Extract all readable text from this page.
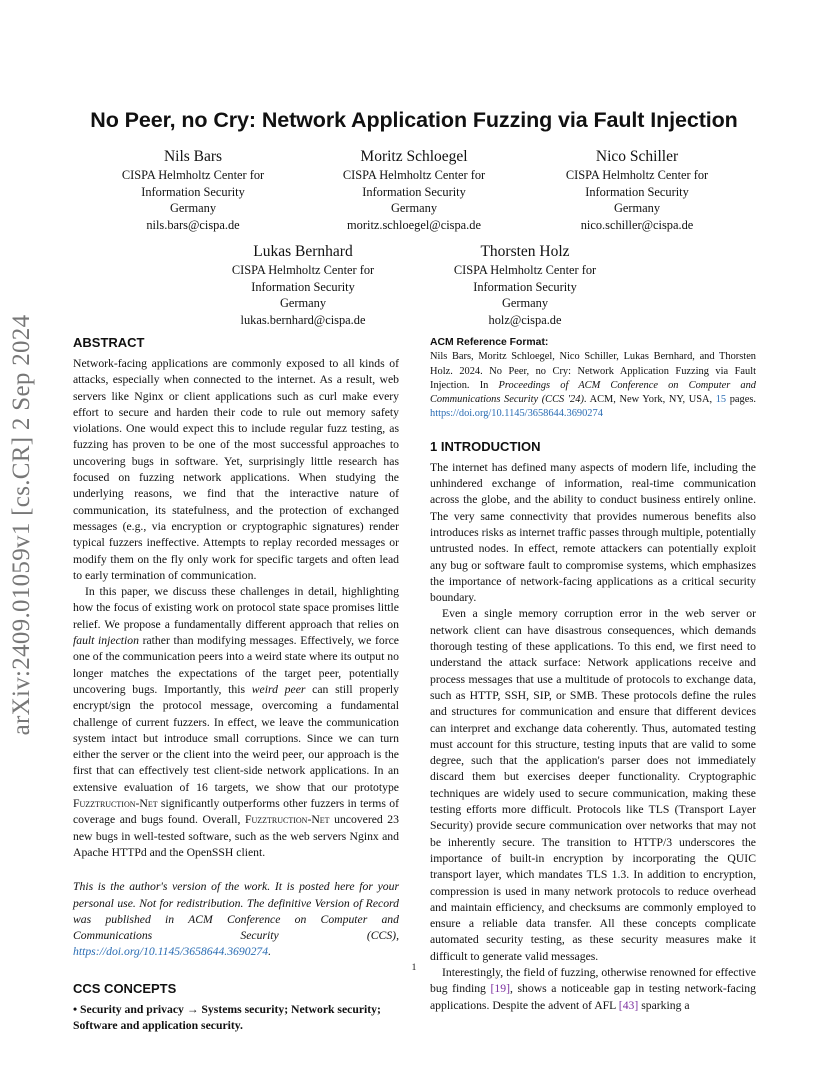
arXiv:2409.01059v1 [cs.CR] 2 Sep 2024
No Peer, no Cry: Network Application Fuzzing via Fault Injection
Nils Bars
CISPA Helmholtz Center for
Information Security
Germany
nils.bars@cispa.de
Moritz Schloegel
CISPA Helmholtz Center for
Information Security
Germany
moritz.schloegel@cispa.de
Nico Schiller
CISPA Helmholtz Center for
Information Security
Germany
nico.schiller@cispa.de
Lukas Bernhard
CISPA Helmholtz Center for
Information Security
Germany
lukas.bernhard@cispa.de
Thorsten Holz
CISPA Helmholtz Center for
Information Security
Germany
holz@cispa.de
ABSTRACT

Network-facing applications are commonly exposed to all kinds of attacks, especially when connected to the internet. As a result, web servers like Nginx or client applications such as curl make every effort to secure and harden their code to rule out memory safety violations. One would expect this to include regular fuzz testing, as fuzzing has proven to be one of the most successful approaches to uncovering bugs in software. Yet, surprisingly little research has focused on fuzzing network applications. When studying the underlying reasons, we find that the interactive nature of communication, its statefulness, and the protection of exchanged messages (e.g., via encryption or cryptographic signatures) render typical fuzzers ineffective. Attempts to replay recorded messages or modify them on the fly only work for specific targets and often lead to early termination of communication.

In this paper, we discuss these challenges in detail, highlighting how the focus of existing work on protocol state space promises little relief. We propose a fundamentally different approach that relies on fault injection rather than modifying messages. Effectively, we force one of the communication peers into a weird state where its output no longer matches the expectations of the target peer, potentially uncovering bugs. Importantly, this weird peer can still properly encrypt/sign the protocol message, overcoming a fundamental challenge of current fuzzers. In effect, we leave the communication system intact but introduce small corruptions. Since we can turn either the server or the client into the weird peer, our approach is the first that can effectively test client-side network applications. In an extensive evaluation of 16 targets, we show that our prototype Fuzztruction-Net significantly outperforms other fuzzers in terms of coverage and bugs found. Overall, Fuzztruction-Net uncovered 23 new bugs in well-tested software, such as the web servers Nginx and Apache HTTPd and the OpenSSH client.

This is the author's version of the work. It is posted here for your personal use. Not for redistribution. The definitive Version of Record was published in ACM Conference on Computer and Communications Security (CCS), https://doi.org/10.1145/3658644.3690274.

CCS CONCEPTS

• Security and privacy → Systems security; Network security; Software and application security.

ACM Reference Format:

Nils Bars, Moritz Schloegel, Nico Schiller, Lukas Bernhard, and Thorsten Holz. 2024. No Peer, no Cry: Network Application Fuzzing via Fault Injection. In Proceedings of ACM Conference on Computer and Communications Security (CCS '24). ACM, New York, NY, USA, 15 pages. https://doi.org/10.1145/3658644.3690274

1 INTRODUCTION

The internet has defined many aspects of modern life, including the unhindered exchange of information, real-time communication across the globe, and the ability to conduct business entirely online. The very same connectivity that provides numerous benefits also introduces risks as internet traffic passes through multiple, potentially untrusted nodes. In effect, remote attackers can potentially exploit any bug or software fault to compromise systems, which emphasizes the importance of network-facing applications as a critical security boundary.

Even a single memory corruption error in the web server or network client can have disastrous consequences, which demands thorough testing of these applications. To this end, we first need to understand the attack surface: Network applications receive and process messages that use a multitude of protocols to exchange data, such as HTTP, SSH, SIP, or SMB. These protocols define the rules and structures for communication and ensure that different devices can interpret and exchange data coherently. Thus, automated testing must account for this structure, testing inputs that are valid to some degree, such that the application's parser does not immediately discard them but exercises deeper functionality. Cryptographic techniques are widely used to secure communication, making these testing efforts more difficult. Protocols like TLS (Transport Layer Security) provide secure communication over networks that may not be inherently secure. The transition to HTTP/3 underscores the importance of built-in encryption by incorporating the QUIC transport layer, which mandates TLS 1.3. In addition to encryption, compression is used in many network protocols to reduce overhead and maintain efficiency, and checksums are commonly employed to ensure a reliable data transfer. All these concepts complicate automated security testing, as these security measures make it difficult to generate valid messages.

Interestingly, the field of fuzzing, otherwise renowned for effective bug finding [19], shows a noticeable gap in testing network-facing applications. Despite the advent of AFL [43] sparking a

1
